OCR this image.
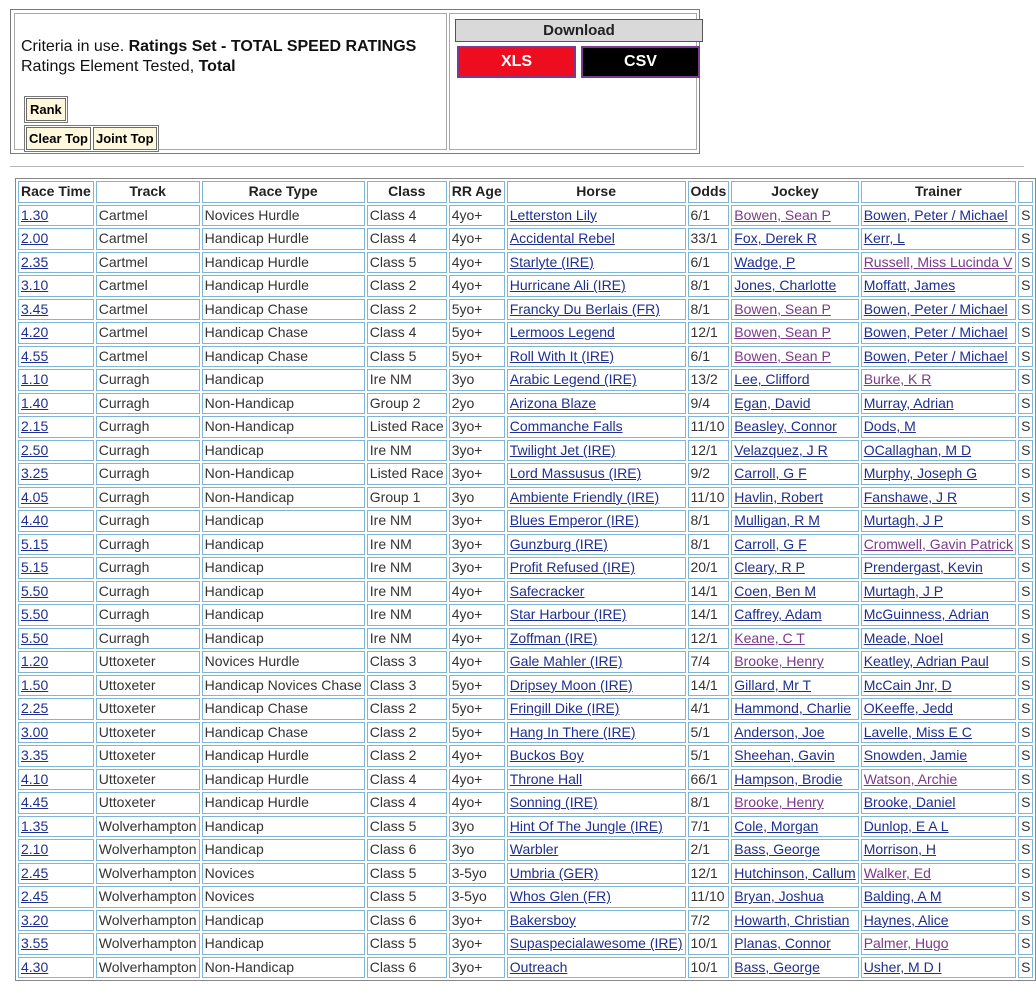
Criteria in use. Ratings Set - TOTAL SPEED RATINGS
Ratings Element Tested, Total
Rank
Clear Top Joint Top
Download
XLS	CSV
Race Time	Track	Race Type	Class	RR Age	Horse	Odds	Jockey	Trainer	
1.30	Cartmel	Novices Hurdle	Class 4	4yo+	Letterston Lily	6/1	Bowen, Sean P	Bowen, Peter / Michael	S
2.00	Cartmel	Handicap Hurdle	Class 4	4yo+	Accidental Rebel	33/1	Fox, Derek R	Kerr, L	S
2.35	Cartmel	Handicap Hurdle	Class 5	4yo+	Starlyte (IRE)	6/1	Wadge, P	Russell, Miss Lucinda V	S
3.10	Cartmel	Handicap Hurdle	Class 2	4yo+	Hurricane Ali (IRE)	8/1	Jones, Charlotte	Moffatt, James	S
3.45	Cartmel	Handicap Chase	Class 2	5yo+	Francky Du Berlais (FR)	8/1	Bowen, Sean P	Bowen, Peter / Michael	S
4.20	Cartmel	Handicap Chase	Class 4	5yo+	Lermoos Legend	12/1	Bowen, Sean P	Bowen, Peter / Michael	S
4.55	Cartmel	Handicap Chase	Class 5	5yo+	Roll With It (IRE)	6/1	Bowen, Sean P	Bowen, Peter / Michael	S
1.10	Curragh	Handicap	Ire NM	3yo	Arabic Legend (IRE)	13/2	Lee, Clifford	Burke, K R	S
1.40	Curragh	Non-Handicap	Group 2	2yo	Arizona Blaze	9/4	Egan, David	Murray, Adrian	S
2.15	Curragh	Non-Handicap	Listed Race	3yo+	Commanche Falls	11/10	Beasley, Connor	Dods, M	S
2.50	Curragh	Handicap	Ire NM	3yo+	Twilight Jet (IRE)	12/1	Velazquez, J R	OCallaghan, M D	S
3.25	Curragh	Non-Handicap	Listed Race	3yo+	Lord Massusus (IRE)	9/2	Carroll, G F	Murphy, Joseph G	S
4.05	Curragh	Non-Handicap	Group 1	3yo	Ambiente Friendly (IRE)	11/10	Havlin, Robert	Fanshawe, J R	S
4.40	Curragh	Handicap	Ire NM	3yo+	Blues Emperor (IRE)	8/1	Mulligan, R M	Murtagh, J P	S
5.15	Curragh	Handicap	Ire NM	3yo+	Gunzburg (IRE)	8/1	Carroll, G F	Cromwell, Gavin Patrick	S
5.15	Curragh	Handicap	Ire NM	3yo+	Profit Refused (IRE)	20/1	Cleary, R P	Prendergast, Kevin	S
5.50	Curragh	Handicap	Ire NM	4yo+	Safecracker	14/1	Coen, Ben M	Murtagh, J P	S
5.50	Curragh	Handicap	Ire NM	4yo+	Star Harbour (IRE)	14/1	Caffrey, Adam	McGuinness, Adrian	S
5.50	Curragh	Handicap	Ire NM	4yo+	Zoffman (IRE)	12/1	Keane, C T	Meade, Noel	S
1.20	Uttoxeter	Novices Hurdle	Class 3	4yo+	Gale Mahler (IRE)	7/4	Brooke, Henry	Keatley, Adrian Paul	S
1.50	Uttoxeter	Handicap Novices Chase	Class 3	5yo+	Dripsey Moon (IRE)	14/1	Gillard, Mr T	McCain Jnr, D	S
2.25	Uttoxeter	Handicap Chase	Class 2	5yo+	Fringill Dike (IRE)	4/1	Hammond, Charlie	OKeeffe, Jedd	S
3.00	Uttoxeter	Handicap Chase	Class 2	5yo+	Hang In There (IRE)	5/1	Anderson, Joe	Lavelle, Miss E C	S
3.35	Uttoxeter	Handicap Hurdle	Class 2	4yo+	Buckos Boy	5/1	Sheehan, Gavin	Snowden, Jamie	S
4.10	Uttoxeter	Handicap Hurdle	Class 4	4yo+	Throne Hall	66/1	Hampson, Brodie	Watson, Archie	S
4.45	Uttoxeter	Handicap Hurdle	Class 4	4yo+	Sonning (IRE)	8/1	Brooke, Henry	Brooke, Daniel	S
1.35	Wolverhampton	Handicap	Class 5	3yo	Hint Of The Jungle (IRE)	7/1	Cole, Morgan	Dunlop, E A L	S
2.10	Wolverhampton	Handicap	Class 6	3yo	Warbler	2/1	Bass, George	Morrison, H	S
2.45	Wolverhampton	Novices	Class 5	3-5yo	Umbria (GER)	12/1	Hutchinson, Callum	Walker, Ed	S
2.45	Wolverhampton	Novices	Class 5	3-5yo	Whos Glen (FR)	11/10	Bryan, Joshua	Balding, A M	S
3.20	Wolverhampton	Handicap	Class 6	3yo+	Bakersboy	7/2	Howarth, Christian	Haynes, Alice	S
3.55	Wolverhampton	Handicap	Class 5	3yo+	Supaspecialawesome (IRE)	10/1	Planas, Connor	Palmer, Hugo	S
4.30	Wolverhampton	Non-Handicap	Class 6	3yo+	Outreach	10/1	Bass, George	Usher, M D I	S
